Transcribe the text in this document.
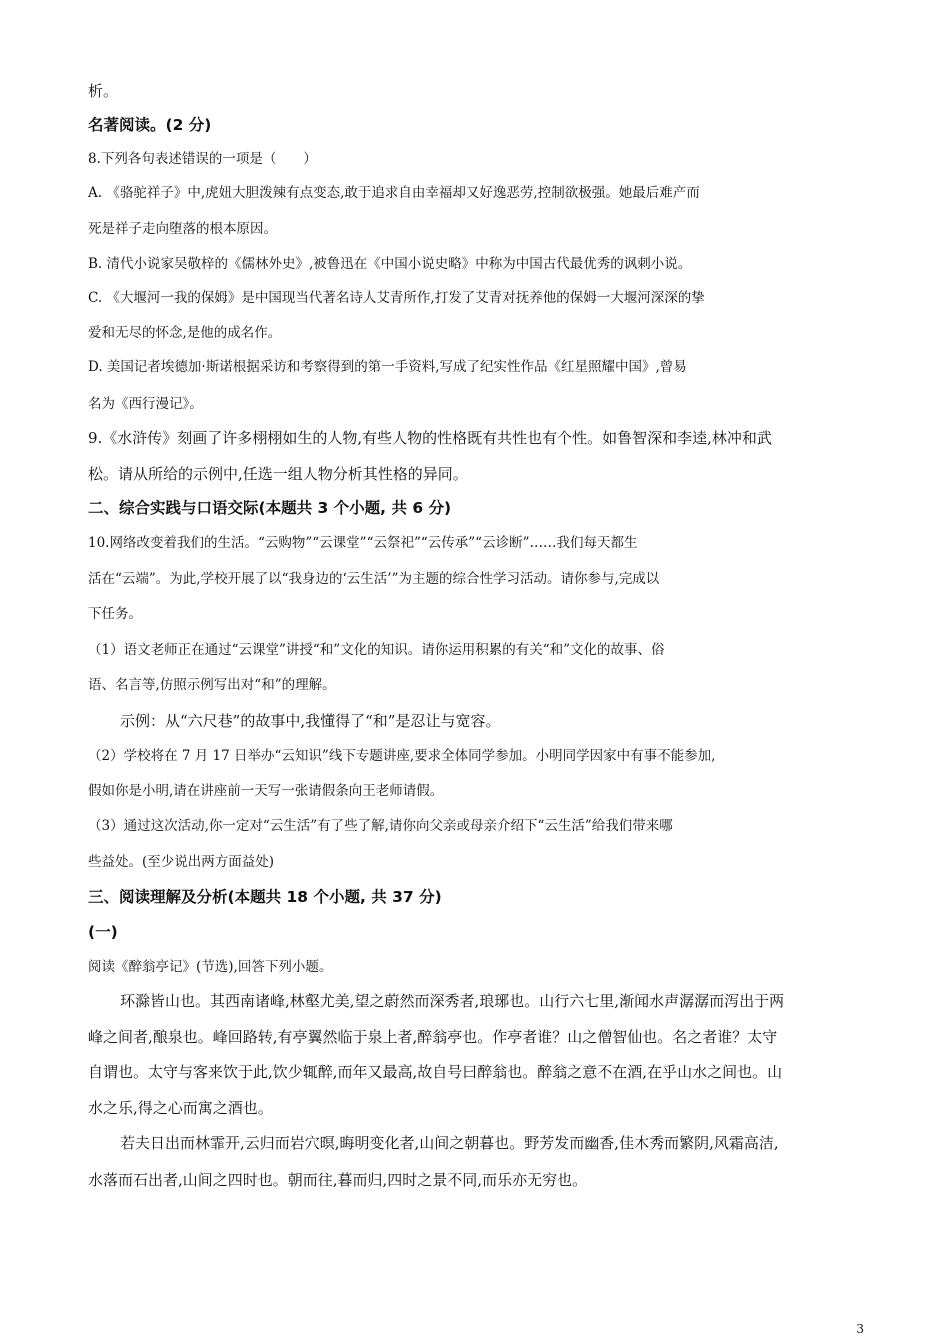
析。
名著阅读。(2 分)
8.下列各句表述错误的一项是（　　）
A. 《骆驼祥子》中,虎妞大胆泼辣有点变态,敢于追求自由幸福却又好逸恶劳,控制欲极强。她最后难产而
死是祥子走向堕落的根本原因。
B. 清代小说家吴敬梓的《儒林外史》,被鲁迅在《中国小说史略》中称为中国古代最优秀的讽刺小说。
C. 《大堰河一我的保姆》是中国现当代著名诗人艾青所作,打发了艾青对抚养他的保姆一大堰河深深的挚
爱和无尽的怀念,是他的成名作。
D. 美国记者埃德加·斯诺根据采访和考察得到的第一手资料,写成了纪实性作品《红星照耀中国》,曾易
名为《西行漫记》。
9.《水浒传》刻画了许多栩栩如生的人物,有些人物的性格既有共性也有个性。如鲁智深和李逵,林冲和武
松。请从所给的示例中,任选一组人物分析其性格的异同。
二、综合实践与口语交际(本题共 3 个小题, 共 6 分)
10.网络改变着我们的生活。“云购物”“云课堂”“云祭祀”“云传承”“云诊断”……我们每天都生
活在“云端”。为此,学校开展了以“我身边的‘云生活’”为主题的综合性学习活动。请你参与,完成以
下任务。
（1）语文老师正在通过“云课堂”讲授“和”文化的知识。请你运用积累的有关“和”文化的故事、俗
语、名言等,仿照示例写出对“和”的理解。
示例：从“六尺巷”的故事中,我懂得了“和”是忍让与宽容。
（2）学校将在 7 月 17 日举办“云知识”线下专题讲座,要求全体同学参加。小明同学因家中有事不能参加,
假如你是小明,请在讲座前一天写一张请假条向王老师请假。
（3）通过这次活动,你一定对“云生活”有了些了解,请你向父亲或母亲介绍下“云生活”给我们带来哪
些益处。(至少说出两方面益处)
三、阅读理解及分析(本题共 18 个小题, 共 37 分)
(一)
阅读《醉翁亭记》(节选),回答下列小题。
环滁皆山也。其西南诸峰,林壑尤美,望之蔚然而深秀者,琅琊也。山行六七里,渐闻水声潺潺而泻出于两
峰之间者,酿泉也。峰回路转,有亭翼然临于泉上者,醉翁亭也。作亭者谁？山之僧智仙也。名之者谁？太守
自谓也。太守与客来饮于此,饮少辄醉,而年又最高,故自号曰醉翁也。醉翁之意不在酒,在乎山水之间也。山
水之乐,得之心而寓之酒也。
若夫日出而林霏开,云归而岩穴暝,晦明变化者,山间之朝暮也。野芳发而幽香,佳木秀而繁阴,风霜高洁,
水落而石出者,山间之四时也。朝而往,暮而归,四时之景不同,而乐亦无穷也。
3
